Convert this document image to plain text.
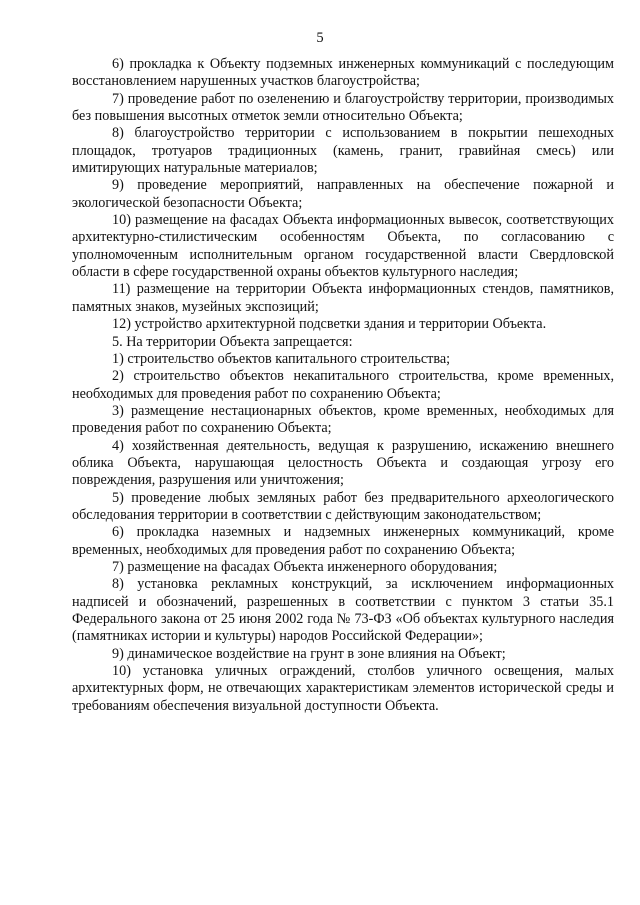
5

6) прокладка к Объекту подземных инженерных коммуникаций с последующим восстановлением нарушенных участков благоустройства;

7) проведение работ по озеленению и благоустройству территории, производимых без повышения высотных отметок земли относительно Объекта;

8) благоустройство территории с использованием в покрытии пешеходных площадок, тротуаров традиционных (камень, гранит, гравийная смесь) или имитирующих натуральные материалов;

9) проведение мероприятий, направленных на обеспечение пожарной и экологической безопасности Объекта;

10) размещение на фасадах Объекта информационных вывесок, соответствующих архитектурно-стилистическим особенностям Объекта, по согласованию с уполномоченным исполнительным органом государственной власти Свердловской области в сфере государственной охраны объектов культурного наследия;

11) размещение на территории Объекта информационных стендов, памятников, памятных знаков, музейных экспозиций;

12) устройство архитектурной подсветки здания и территории Объекта.

5. На территории Объекта запрещается:

1) строительство объектов капитального строительства;

2) строительство объектов некапитального строительства, кроме временных, необходимых для проведения работ по сохранению Объекта;

3) размещение нестационарных объектов, кроме временных, необходимых для проведения работ по сохранению Объекта;

4) хозяйственная деятельность, ведущая к разрушению, искажению внешнего облика Объекта, нарушающая целостность Объекта и создающая угрозу его повреждения, разрушения или уничтожения;

5) проведение любых земляных работ без предварительного археологического обследования территории в соответствии с действующим законодательством;

6) прокладка наземных и надземных инженерных коммуникаций, кроме временных, необходимых для проведения работ по сохранению Объекта;

7) размещение на фасадах Объекта инженерного оборудования;

8) установка рекламных конструкций, за исключением информационных надписей и обозначений, разрешенных в соответствии с пунктом 3 статьи 35.1 Федерального закона от 25 июня 2002 года № 73-ФЗ «Об объектах культурного наследия (памятниках истории и культуры) народов Российской Федерации»;

9) динамическое воздействие на грунт в зоне влияния на Объект;

10) установка уличных ограждений, столбов уличного освещения, малых архитектурных форм, не отвечающих характеристикам элементов исторической среды и требованиям обеспечения визуальной доступности Объекта.
